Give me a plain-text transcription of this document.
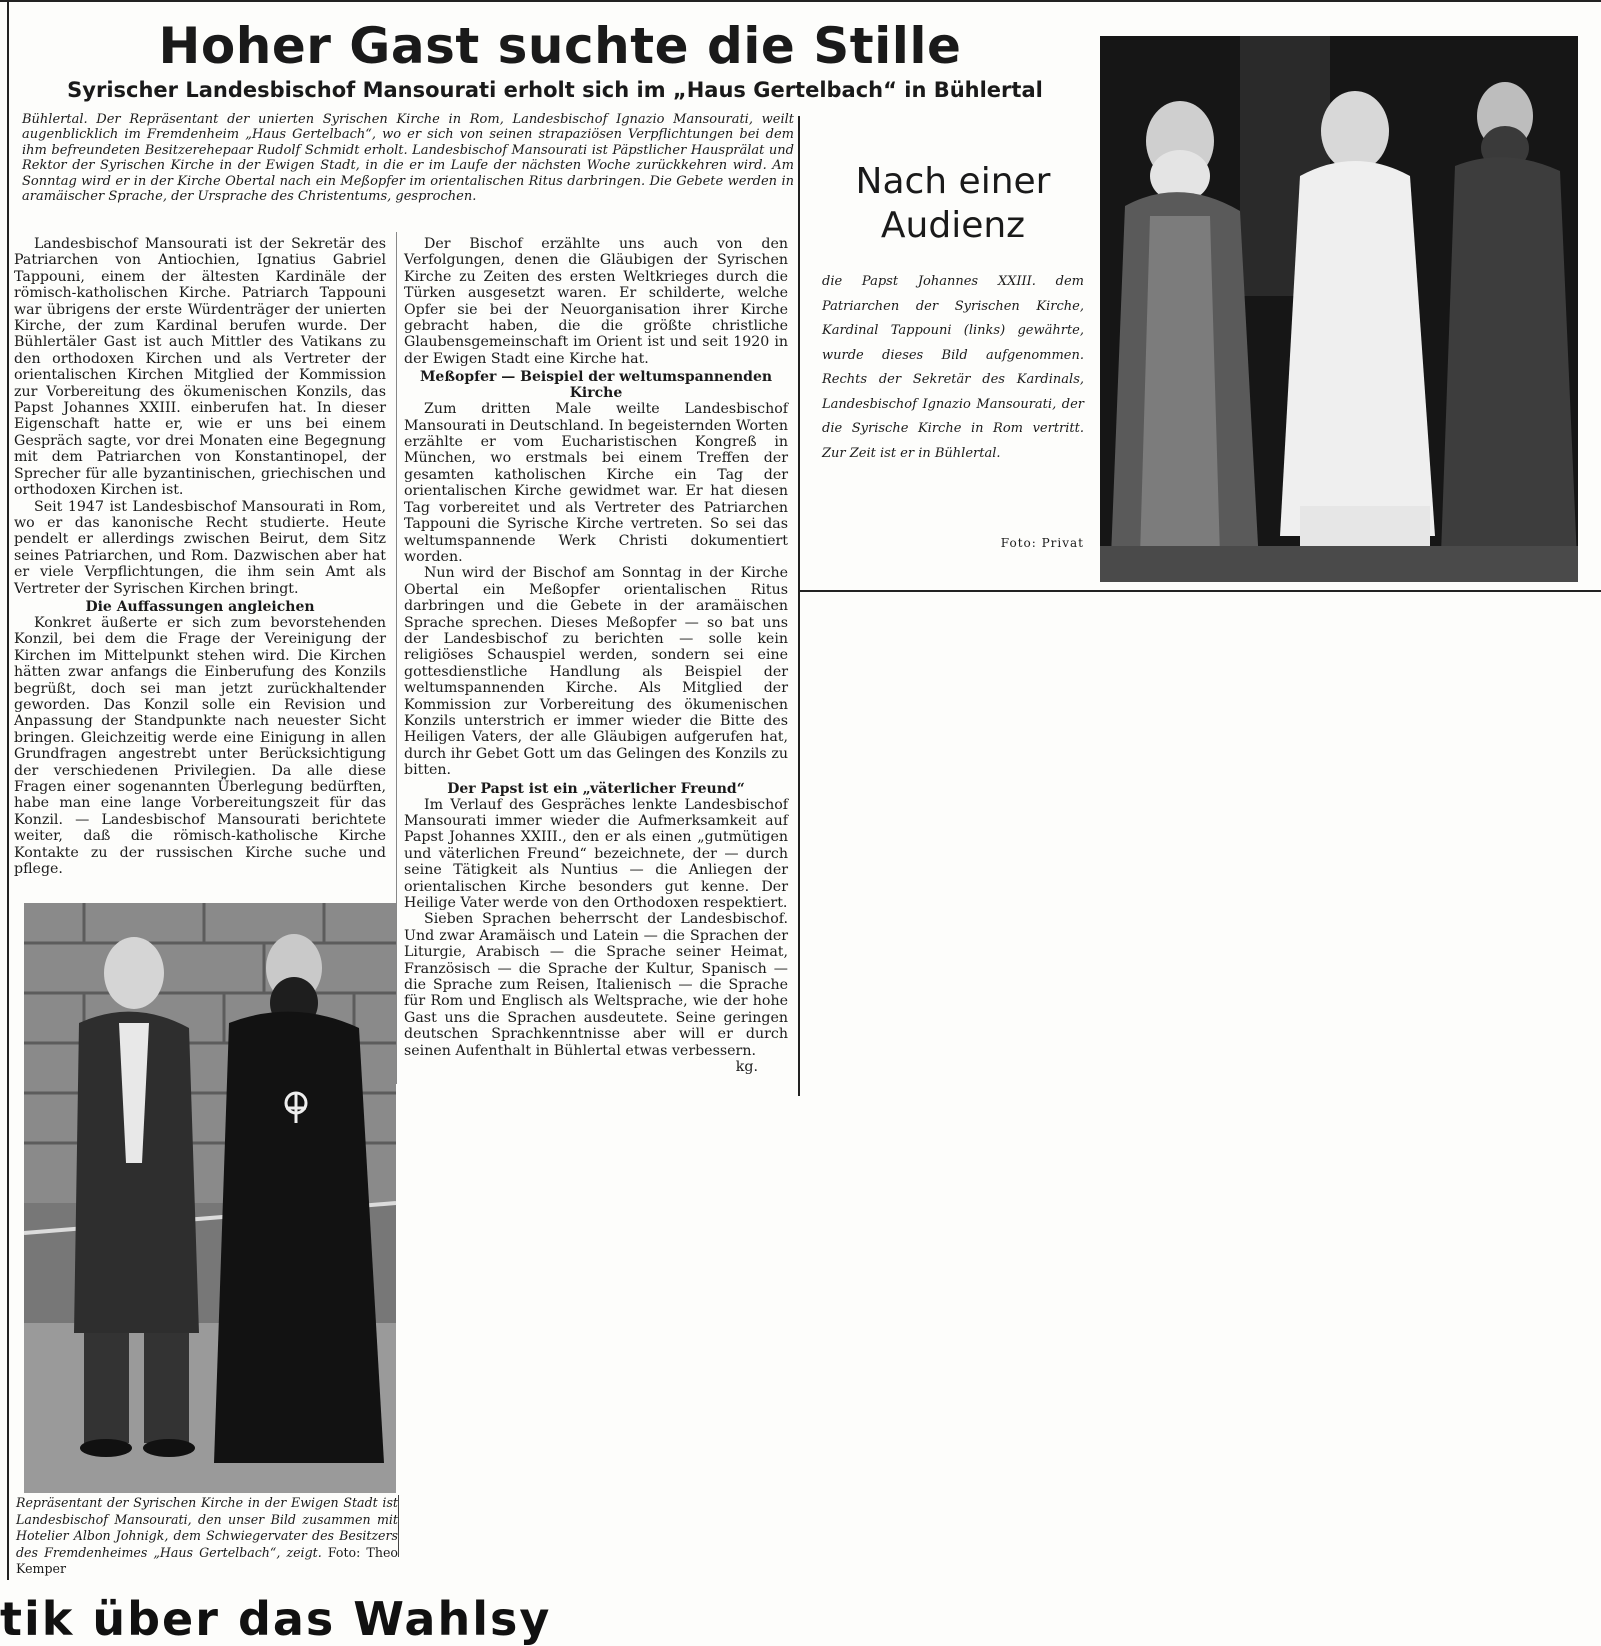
Hoher Gast suchte die Stille
Syrischer Landesbischof Mansourati erholt sich im „Haus Gertelbach“ in Bühlertal
Bühlertal. Der Repräsentant der unierten Syrischen Kirche in Rom, Landesbischof Ignazio Mansourati, weilt augenblicklich im Fremdenheim „Haus Gertelbach“, wo er sich von seinen strapaziösen Verpflichtungen bei dem ihm befreundeten Besitzerehepaar Rudolf Schmidt erholt. Landesbischof Mansourati ist Päpstlicher Hausprälat und Rektor der Syrischen Kirche in der Ewigen Stadt, in die er im Laufe der nächsten Woche zurückkehren wird. Am Sonntag wird er in der Kirche Obertal nach ein Meßopfer im orientalischen Ritus darbringen. Die Gebete werden in aramäischer Sprache, der Ursprache des Christentums, gesprochen.

Landesbischof Mansourati ist der Sekretär des Patriarchen von Antiochien, Ignatius Gabriel Tappouni, einem der ältesten Kardinäle der römisch-katholischen Kirche. Patriarch Tappouni war übrigens der erste Würdenträger der unierten Kirche, der zum Kardinal berufen wurde. Der Bühlertäler Gast ist auch Mittler des Vatikans zu den orthodoxen Kirchen und als Vertreter der orientalischen Kirchen Mitglied der Kommission zur Vorbereitung des ökumenischen Konzils, das Papst Johannes XXIII. einberufen hat. In dieser Eigenschaft hatte er, wie er uns bei einem Gespräch sagte, vor drei Monaten eine Begegnung mit dem Patriarchen von Konstantinopel, der Sprecher für alle byzantinischen, griechischen und orthodoxen Kirchen ist.

Seit 1947 ist Landesbischof Mansourati in Rom, wo er das kanonische Recht studierte. Heute pendelt er allerdings zwischen Beirut, dem Sitz seines Patriarchen, und Rom. Dazwischen aber hat er viele Verpflichtungen, die ihm sein Amt als Vertreter der Syrischen Kirchen bringt.

Die Auffassungen angleichen

Konkret äußerte er sich zum bevorstehenden Konzil, bei dem die Frage der Vereinigung der Kirchen im Mittelpunkt stehen wird. Die Kirchen hätten zwar anfangs die Einberufung des Konzils begrüßt, doch sei man jetzt zurückhaltender geworden. Das Konzil solle ein Revision und Anpassung der Standpunkte nach neuester Sicht bringen. Gleichzeitig werde eine Einigung in allen Grundfragen angestrebt unter Berücksichtigung der verschiedenen Privilegien. Da alle diese Fragen einer sogenannten Überlegung bedürften, habe man eine lange Vorbereitungszeit für das Konzil. — Landesbischof Mansourati berichtete weiter, daß die römisch-katholische Kirche Kontakte zu der russischen Kirche suche und pflege.

Der Bischof erzählte uns auch von den Verfolgungen, denen die Gläubigen der Syrischen Kirche zu Zeiten des ersten Weltkrieges durch die Türken ausgesetzt waren. Er schilderte, welche Opfer sie bei der Neuorganisation ihrer Kirche gebracht haben, die die größte christliche Glaubensgemeinschaft im Orient ist und seit 1920 in der Ewigen Stadt eine Kirche hat.

Meßopfer — Beispiel der weltumspannenden Kirche

Zum dritten Male weilte Landesbischof Mansourati in Deutschland. In begeisternden Worten erzählte er vom Eucharistischen Kongreß in München, wo erstmals bei einem Treffen der gesamten katholischen Kirche ein Tag der orientalischen Kirche gewidmet war. Er hat diesen Tag vorbereitet und als Vertreter des Patriarchen Tappouni die Syrische Kirche vertreten. So sei das weltumspannende Werk Christi dokumentiert worden.

Nun wird der Bischof am Sonntag in der Kirche Obertal ein Meßopfer orientalischen Ritus darbringen und die Gebete in der aramäischen Sprache sprechen. Dieses Meßopfer — so bat uns der Landesbischof zu berichten — solle kein religiöses Schauspiel werden, sondern sei eine gottesdienstliche Handlung als Beispiel der weltumspannenden Kirche. Als Mitglied der Kommission zur Vorbereitung des ökumenischen Konzils unterstrich er immer wieder die Bitte des Heiligen Vaters, der alle Gläubigen aufgerufen hat, durch ihr Gebet Gott um das Gelingen des Konzils zu bitten.

Der Papst ist ein „väterlicher Freund“

Im Verlauf des Gespräches lenkte Landesbischof Mansourati immer wieder die Aufmerksamkeit auf Papst Johannes XXIII., den er als einen „gutmütigen und väterlichen Freund“ bezeichnete, der — durch seine Tätigkeit als Nuntius — die Anliegen der orientalischen Kirche besonders gut kenne. Der Heilige Vater werde von den Orthodoxen respektiert.

Sieben Sprachen beherrscht der Landesbischof. Und zwar Aramäisch und Latein — die Sprachen der Liturgie, Arabisch — die Sprache seiner Heimat, Französisch — die Sprache der Kultur, Spanisch — die Sprache zum Reisen, Italienisch — die Sprache für Rom und Englisch als Weltsprache, wie der hohe Gast uns die Sprachen ausdeutete. Seine geringen deutschen Sprachkenntnisse aber will er durch seinen Aufenthalt in Bühlertal etwas verbessern.

kg.
Nach einer Audienz
die Papst Johannes XXIII. dem Patriarchen der Syrischen Kirche, Kardinal Tappouni (links) gewährte, wurde dieses Bild aufgenommen. Rechts der Sekretär des Kardinals, Landesbischof Ignazio Mansourati, der die Syrische Kirche in Rom vertritt. Zur Zeit ist er in Bühlertal.
Foto: Privat
Repräsentant der Syrischen Kirche in der Ewigen Stadt ist Landesbischof Mansourati, den unser Bild zusammen mit Hotelier Albon Johnigk, dem Schwiegervater des Besitzers des Fremdenheimes „Haus Gertelbach“, zeigt. Foto: Theo Kemper
tik über das Wahlsy
